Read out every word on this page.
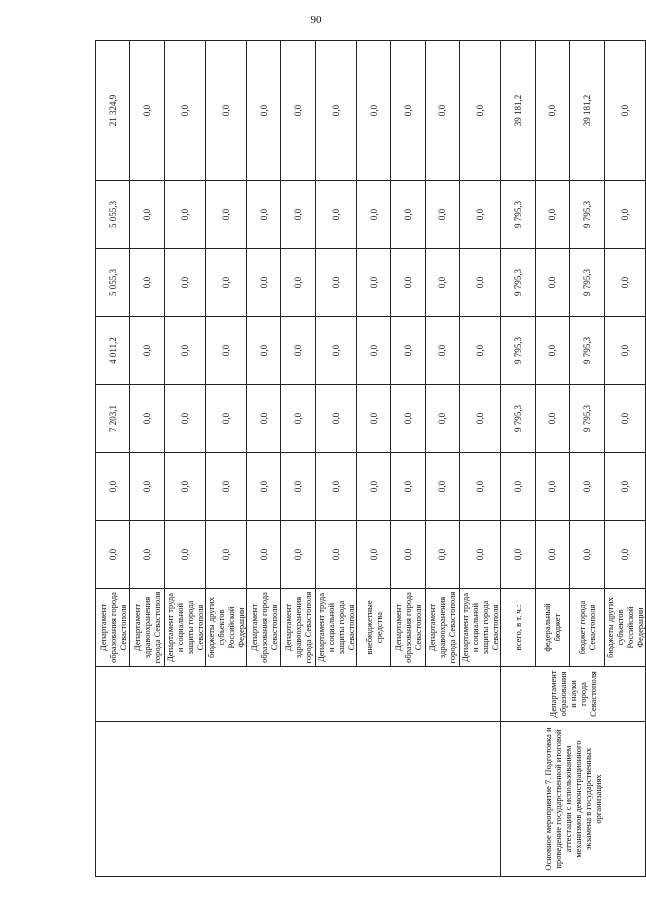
90
		Департамент образования города Севастополя	0,0	0,0	7 203,1	4 011,2	5 055,3	5 055,3	21 324,9
		Департамент здравоохранения города Севастополя	0,0	0,0	0,0	0,0	0,0	0,0	0,0
		Департамент труда и социальной защиты города Севастополя	0,0	0,0	0,0	0,0	0,0	0,0	0,0
		бюджеты других субъектов Российской Федерации	0,0	0,0	0,0	0,0	0,0	0,0	0,0
		Департамент образования города Севастополя	0,0	0,0	0,0	0,0	0,0	0,0	0,0
		Департамент здравоохранения города Севастополя	0,0	0,0	0,0	0,0	0,0	0,0	0,0
		Департамент труда и социальной защиты города Севастополя	0,0	0,0	0,0	0,0	0,0	0,0	0,0
		внебюджетные средства	0,0	0,0	0,0	0,0	0,0	0,0	0,0
		Департамент образования города Севастополя	0,0	0,0	0,0	0,0	0,0	0,0	0,0
		Департамент здравоохранения города Севастополя	0,0	0,0	0,0	0,0	0,0	0,0	0,0
		Департамент труда и социальной защиты города Севастополя	0,0	0,0	0,0	0,0	0,0	0,0	0,0
Основное мероприятие 7. Подготовка и проведение государственной итоговой аттестации с использованием механизмов демонстрационного экзамена в государственных организациях	Департамент образования и науки города Севастополя	всего, в т. ч.:	0,0	0,0	9 795,3	9 795,3	9 795,3	9 795,3	39 181,2
		федеральный бюджет	0,0	0,0	0,0	0,0	0,0	0,0	0,0
		бюджет города Севастополя	0,0	0,0	9 795,3	9 795,3	9 795,3	9 795,3	39 181,2
		бюджеты других субъектов Российской Федерации	0,0	0,0	0,0	0,0	0,0	0,0	0,0
